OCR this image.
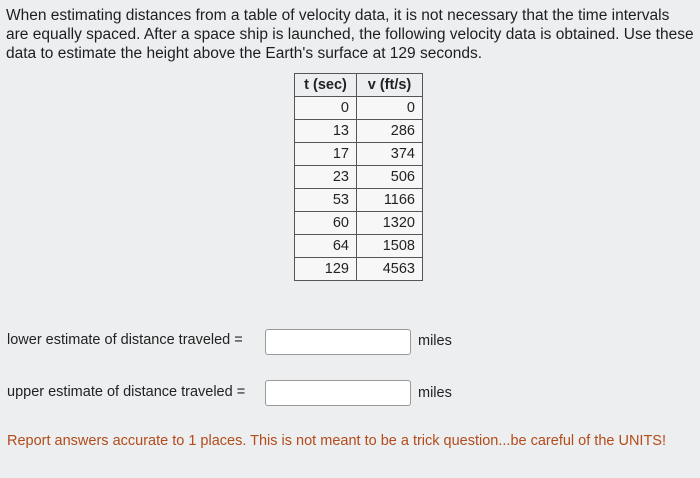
When estimating distances from a table of velocity data, it is not necessary that the time intervals are equally spaced. After a space ship is launched, the following velocity data is obtained. Use these data to estimate the height above the Earth's surface at 129 seconds.

t (sec)	v (ft/s)
0	0
13	286
17	374
23	506
53	1166
60	1320
64	1508
129	4563
lower estimate of distance traveled =	miles
upper estimate of distance traveled =	miles

Report answers accurate to 1 places. This is not meant to be a trick question...be careful of the UNITS!
